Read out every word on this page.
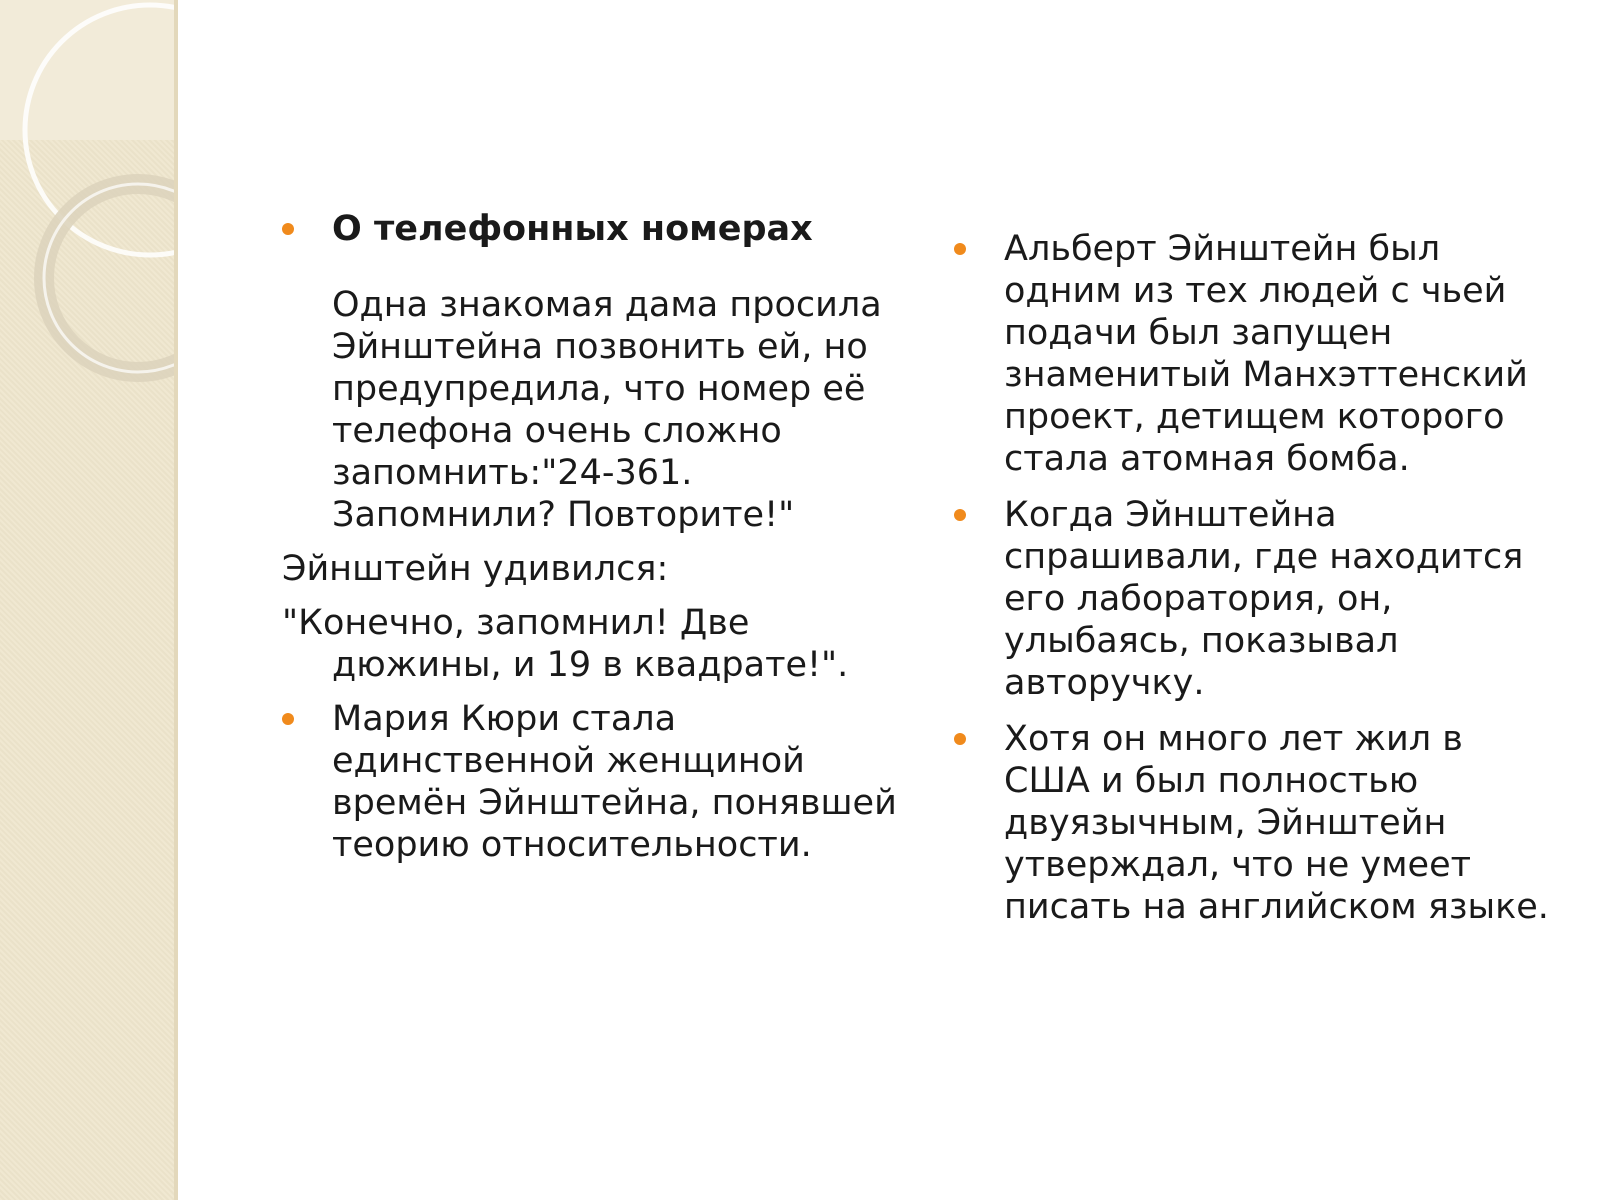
О телефонных номерах
Одна знакомая дама просила Эйнштейна позвонить ей, но предупредила, что номер её телефона очень сложно запомнить:"24-361. Запомнили? Повторите!"
Эйнштейн удивился:
"Конечно, запомнил! Две дюжины, и 19 в квадрате!".
Мария Кюри стала единственной женщиной времён Эйнштейна, понявшей теорию относительности.
Альберт Эйнштейн был одним из тех людей с чьей подачи был запущен знаменитый Манхэттенский проект, детищем которого стала атомная бомба.
Когда Эйнштейна спрашивали, где находится его лаборатория, он, улыбаясь, показывал авторучку.
Хотя он много лет жил в США и был полностью двуязычным, Эйнштейн утверждал, что не умеет писать на английском языке.
